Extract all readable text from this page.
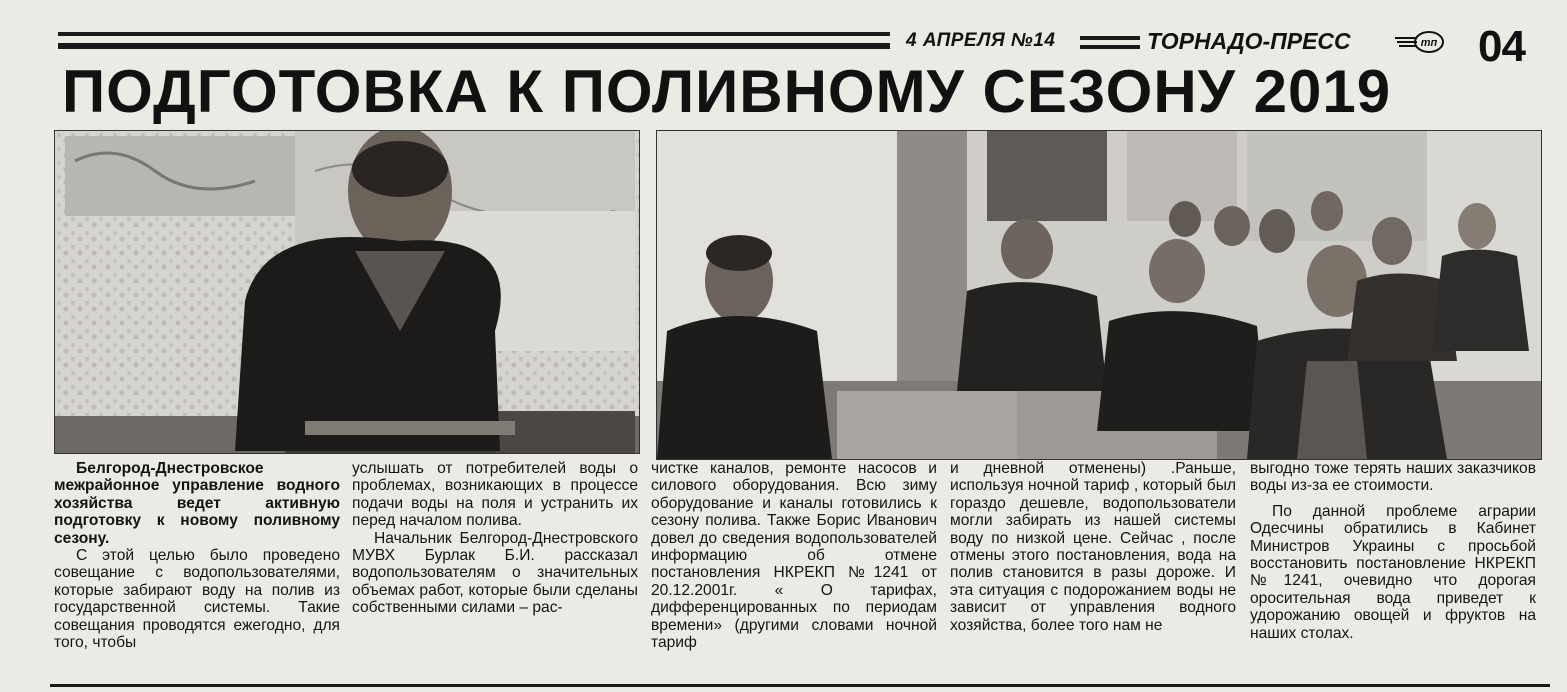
4 АПРЕЛЯ №14	ТОРНАДО-ПРЕСС	тп 04
ПОДГОТОВКА К ПОЛИВНОМУ СЕЗОНУ 2019

Белгород-Днестровское межрайонное управление водного хозяйства ведет активную подготовку к новому поливному сезону.

С этой целью было проведено совещание с водопользователями, которые забирают воду на полив из государственной системы. Такие совещания проводятся ежегодно, для того, чтобы

услышать от потребителей воды о проблемах, возникающих в процессе подачи воды на поля и устранить их перед началом полива.

Начальник Белгород-Днестровского МУВХ Бурлак Б.И. рассказал водопользователям о значительных объемах работ, которые были сделаны собственными силами – рас-

чистке каналов, ремонте насосов и силового оборудования. Всю зиму оборудование и каналы готовились к сезону полива. Также Борис Иванович довел до сведения водопользователей информацию об отмене постановления НКРЕКП №1241 от 20.12.2001г. « О тарифах, дифференцированных по периодам времени» (другими словами ночной тариф

и дневной отменены) .Раньше, используя ночной тариф , который был гораздо дешевле, водопользователи могли забирать из нашей системы воду по низкой цене. Сейчас , после отмены этого постановления, вода на полив становится в разы дороже. И эта ситуация с подорожанием воды не зависит от управления водного хозяйства, более того нам не

выгодно тоже терять наших заказчиков воды из-за ее стоимости.

По данной проблеме аграрии Одесчины обратились в Кабинет Министров Украины с просьбой восстановить постановление НКРЕКП №1241, очевидно что дорогая оросительная вода приведет к удорожанию овощей и фруктов на наших столах.
